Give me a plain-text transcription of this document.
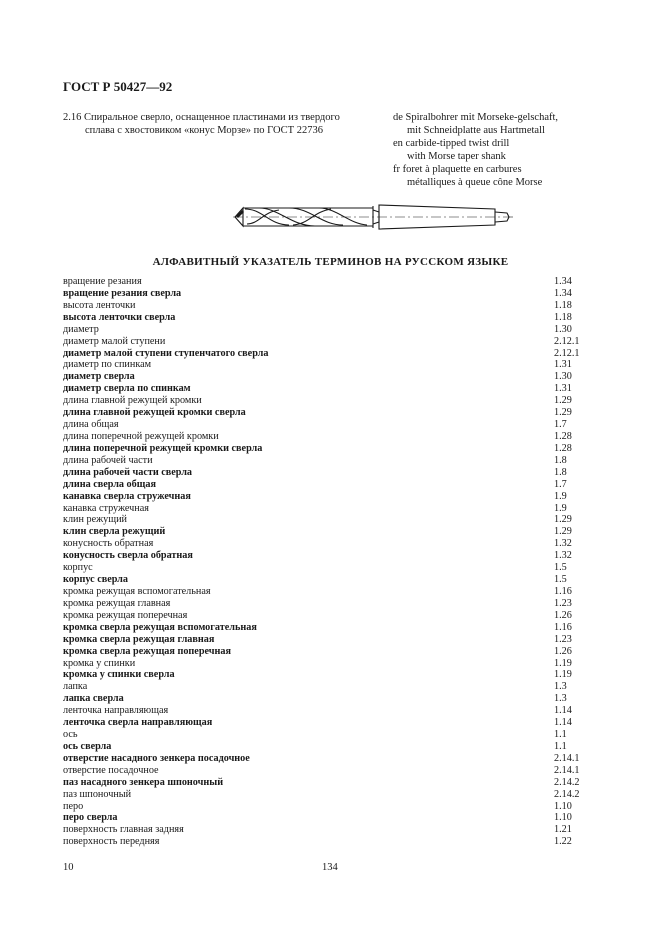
ГОСТ Р 50427—92
2.16 Спиральное сверло, оснащенное пластинами из твердого
сплава с хвостовиком «конус Морзе» по ГОСТ 22736
de Spiralbohrer mit Morseke-gelschaft,
mit Schneidplatte aus Hartmetall
en carbide-tipped twist drill
with Morse taper shank
fr foret à plaquette en carbures
métalliques à queue cône Morse
АЛФАВИТНЫЙ УКАЗАТЕЛЬ ТЕРМИНОВ НА РУССКОМ ЯЗЫКЕ
вращение резания	1.34
вращение резания сверла	1.34
высота ленточки	1.18
высота ленточки сверла	1.18
диаметр	1.30
диаметр малой ступени	2.12.1
диаметр малой ступени ступенчатого сверла	2.12.1
диаметр по спинкам	1.31
диаметр сверла	1.30
диаметр сверла по спинкам	1.31
длина главной режущей кромки	1.29
длина главной режущей кромки сверла	1.29
длина общая	1.7
длина поперечной режущей кромки	1.28
длина поперечной режущей кромки сверла	1.28
длина рабочей части	1.8
длина рабочей части сверла	1.8
длина сверла общая	1.7
канавка сверла стружечная	1.9
канавка стружечная	1.9
клин режущий	1.29
клин сверла режущий	1.29
конусность обратная	1.32
конусность сверла обратная	1.32
корпус	1.5
корпус сверла	1.5
кромка режущая вспомогательная	1.16
кромка режущая главная	1.23
кромка режущая поперечная	1.26
кромка сверла режущая вспомогательная	1.16
кромка сверла режущая главная	1.23
кромка сверла режущая поперечная	1.26
кромка у спинки	1.19
кромка у спинки сверла	1.19
лапка	1.3
лапка сверла	1.3
ленточка направляющая	1.14
ленточка сверла направляющая	1.14
ось	1.1
ось сверла	1.1
отверстие насадного зенкера посадочное	2.14.1
отверстие посадочное	2.14.1
паз насадного зенкера шпоночный	2.14.2
паз шпоночный	2.14.2
перо	1.10
перо сверла	1.10
поверхность главная задняя	1.21
поверхность передняя	1.22
10	134
